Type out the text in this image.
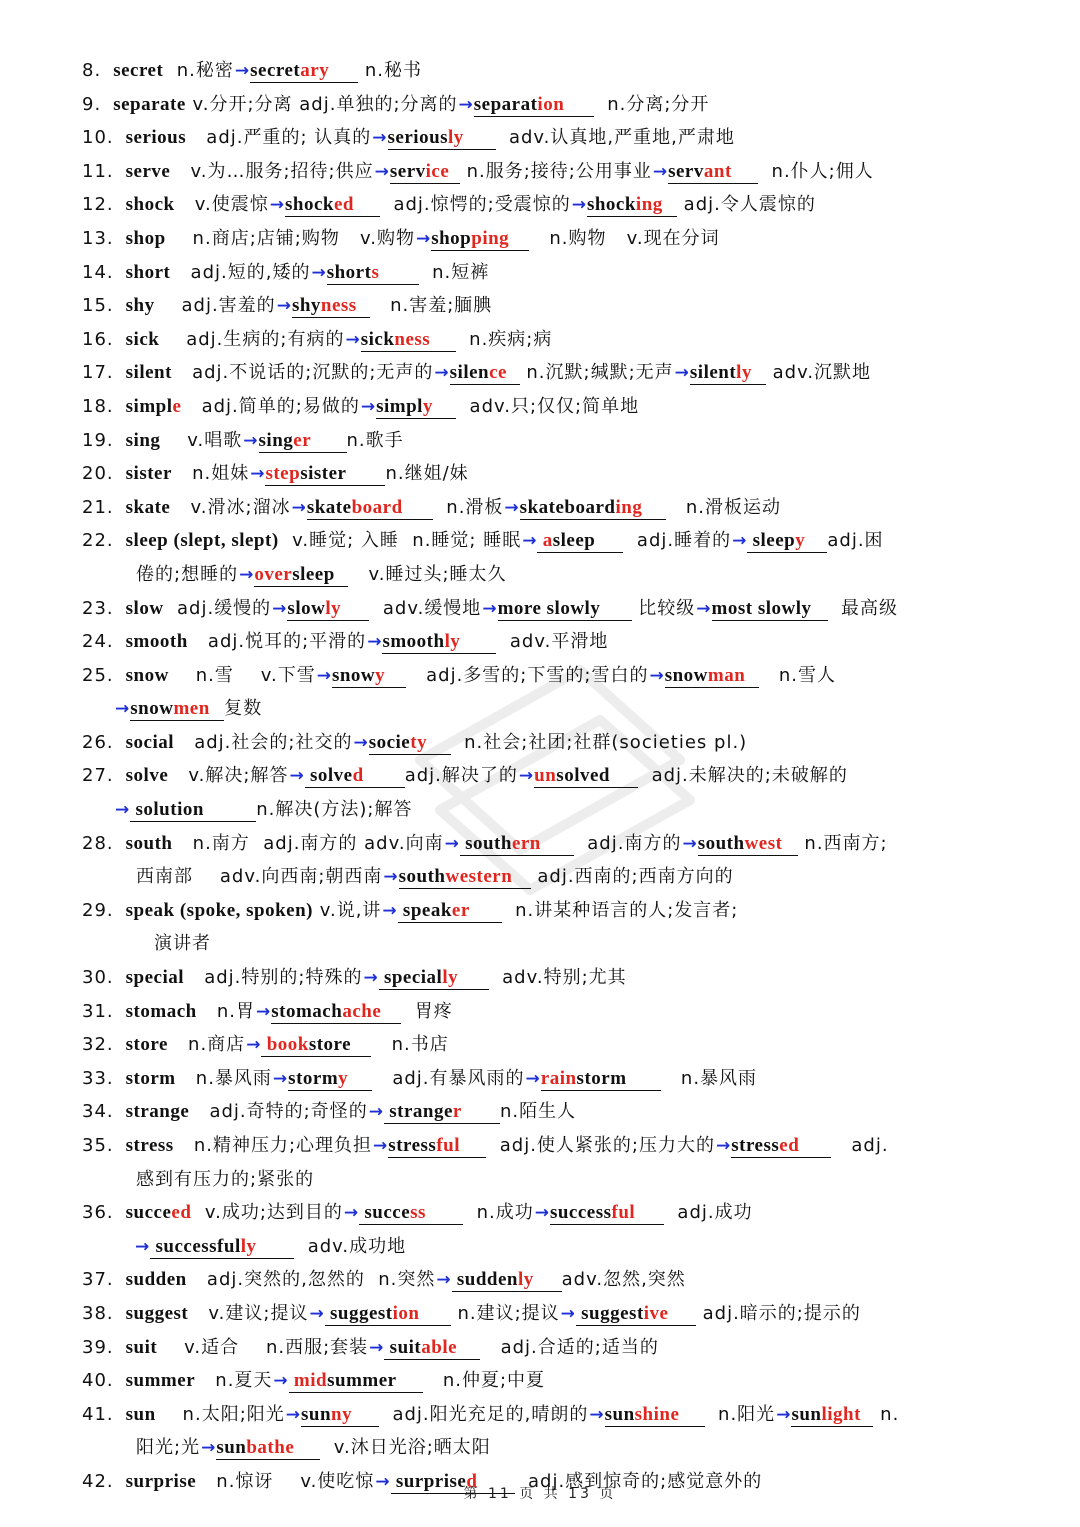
8. secret  n.秘密→secretary n.秘书
9. separate v.分开;分离 adj.单独的;分离的→separation  n.分离;分开
10. serious   adj.严重的; 认真的→seriously  adv.认真地,严重地,严肃地
11. serve   v.为…服务;招待;供应→service n.服务;接待;公用事业→servant  n.仆人;佣人
12. shock   v.使震惊→shocked  adj.惊愕的;受震惊的→shocking adj.令人震惊的
13. shop    n.商店;店铺;购物   v.购物→shopping   n.购物   v.现在分词
14. short   adj.短的,矮的→shorts  n.短裤
15. shy    adj.害羞的→shyness   n.害羞;腼腆
16. sick    adj.生病的;有病的→sickness  n.疾病;病
17. silent   adj.不说话的;沉默的;无声的→silence n.沉默;缄默;无声→silently adv.沉默地
18. simple   adj.简单的;易做的→simply  adv.只;仅仅;简单地
19. sing    v.唱歌→singer n.歌手
20. sister   n.姐妹→stepsister n.继姐/妹
21. skate   v.滑冰;溜冰→skateboard  n.滑板→skateboarding   n.滑板运动
22. sleep (slept, slept)  v.睡觉; 入睡  n.睡觉; 睡眠→ asleep  adj.睡着的→ sleepy adj.困
倦的;想睡的→oversleep   v.睡过头;睡太久
23. slow  adj.缓慢的→slowly  adv.缓慢地→more slowly 比较级→most slowly  最高级
24. smooth   adj.悦耳的;平滑的→smoothly  adv.平滑地
25. snow    n.雪    v.下雪→snowy   adj.多雪的;下雪的;雪白的→snowman   n.雪人
→snowmen 复数
26. social   adj.社会的;社交的→society  n.社会;社团;社群(societies pl.)
27. solve   v.解决;解答→ solved adj.解决了的→unsolved  adj.未解决的;未破解的
→ solution	n.解决(方法);解答
28. south   n.南方  adj.南方的 adv.向南→ southern  adj.南方的→southwest n.西南方;
西南部    adv.向西南;朝西南→southwestern adj.西南的;西南方向的
29. speak (spoke, spoken) v.说,讲→ speaker  n.讲某种语言的人;发言者;
演讲者
30. special   adj.特别的;特殊的→ specially  adv.特别;尤其
31. stomach   n.胃→stomachache  胃疼
32. store   n.商店→ bookstore   n.书店
33. storm   n.暴风雨→stormy   adj.有暴风雨的→rainstorm   n.暴风雨
34. strange   adj.奇特的;奇怪的→ stranger n.陌生人
35. stress   n.精神压力;心理负担→stressful  adj.使人紧张的;压力大的→stressed   adj.
感到有压力的;紧张的
36. succeed  v.成功;达到目的→ success  n.成功→successful  adj.成功
→ successfully  adv.成功地
37. sudden   adj.突然的,忽然的  n.突然→ suddenly adv.忽然,突然
38. suggest   v.建议;提议→ suggestion n.建议;提议→ suggestive adj.暗示的;提示的
39. suit    v.适合    n.西服;套装→ suitable   adj.合适的;适当的
40. summer   n.夏天→ midsummer   n.仲夏;中夏
41. sun    n.太阳;阳光→sunny  adj.阳光充足的,晴朗的→sunshine  n.阳光→sunlight n.
阳光;光→sunbathe  v.沐日光浴;晒太阳
42. surprise   n.惊讶    v.使吃惊→ surprised  adj.感到惊奇的;感觉意外的
第 11 页 共 13 页
